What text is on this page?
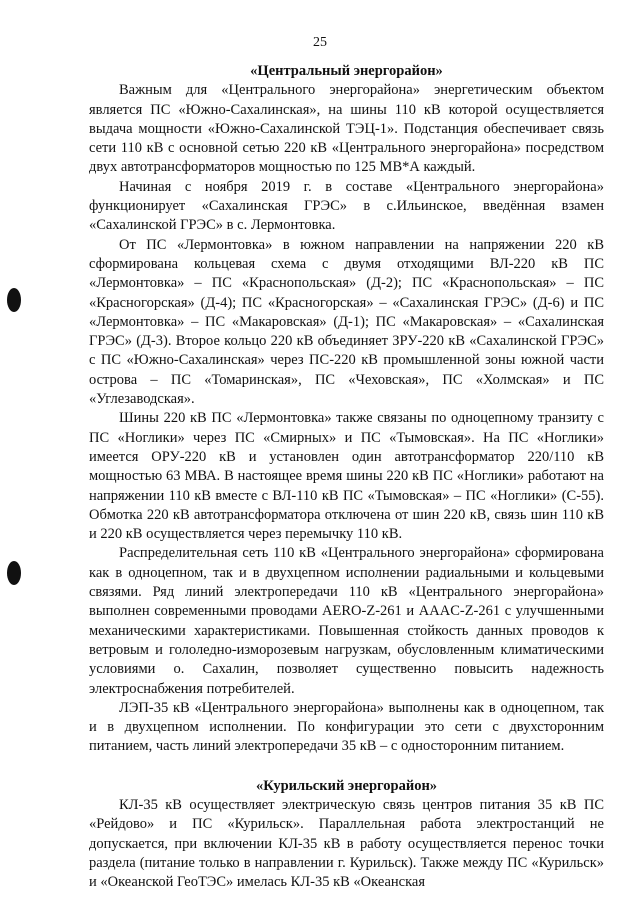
25

«Центральный энергорайон»

Важным для «Центрального энергорайона» энергетическим объектом является ПС «Южно-Сахалинская», на шины 110 кВ которой осуществляется выдача мощности «Южно-Сахалинской ТЭЦ-1». Подстанция обеспечивает связь сети 110 кВ с основной сетью 220 кВ «Центрального энергорайона» посредством двух автотрансформаторов мощностью по 125 МВ*А каждый.

Начиная с ноября 2019 г. в составе «Центрального энергорайона» функционирует «Сахалинская ГРЭС» в с.Ильинское, введённая взамен «Сахалинской ГРЭС» в с. Лермонтовка.

От ПС «Лермонтовка» в южном направлении на напряжении 220 кВ сформирована кольцевая схема с двумя отходящими ВЛ-220 кВ ПС «Лермонтовка» – ПС «Краснопольская» (Д-2); ПС «Краснопольская» – ПС «Красногорская» (Д-4); ПС «Красногорская» – «Сахалинская ГРЭС» (Д-6) и ПС «Лермонтовка» – ПС «Макаровская» (Д-1); ПС «Макаровская» – «Сахалинская ГРЭС» (Д-3). Второе кольцо 220 кВ объединяет ЗРУ-220 кВ «Сахалинской ГРЭС» с ПС «Южно-Сахалинская» через ПС-220 кВ промышленной зоны южной части острова – ПС «Томаринская», ПС «Чеховская», ПС «Холмская» и ПС «Углезаводская».

Шины 220 кВ ПС «Лермонтовка» также связаны по одноцепному транзиту с ПС «Ноглики» через ПС «Смирных» и ПС «Тымовская». На ПС «Ноглики» имеется ОРУ-220 кВ и установлен один автотрансформатор 220/110 кВ мощностью 63 МВА. В настоящее время шины 220 кВ ПС «Ноглики» работают на напряжении 110 кВ вместе с ВЛ-110 кВ ПС «Тымовская» – ПС «Ноглики» (С-55). Обмотка 220 кВ автотрансформатора отключена от шин 220 кВ, связь шин 110 кВ и 220 кВ осуществляется через перемычку 110 кВ.

Распределительная сеть 110 кВ «Центрального энергорайона» сформирована как в одноцепном, так и в двухцепном исполнении радиальными и кольцевыми связями. Ряд линий электропередачи 110 кВ «Центрального энергорайона» выполнен современными проводами AERO-Z-261 и AAAC-Z-261 с улучшенными механическими характеристиками. Повышенная стойкость данных проводов к ветровым и гололедно-изморозевым нагрузкам, обусловленным климатическими условиями о. Сахалин, позволяет существенно повысить надежность электроснабжения потребителей.

ЛЭП-35 кВ «Центрального энергорайона» выполнены как в одноцепном, так и в двухцепном исполнении. По конфигурации это сети с двухсторонним питанием, часть линий электропередачи 35 кВ – с односторонним питанием.

«Курильский энергорайон»

КЛ-35 кВ осуществляет электрическую связь центров питания 35 кВ ПС «Рейдово» и ПС «Курильск». Параллельная работа электростанций не допускается, при включении КЛ-35 кВ в работу осуществляется перенос точки раздела (питание только в направлении г. Курильск). Также между ПС «Курильск» и «Океанской ГеоТЭС» имелась КЛ-35 кВ «Океанская
